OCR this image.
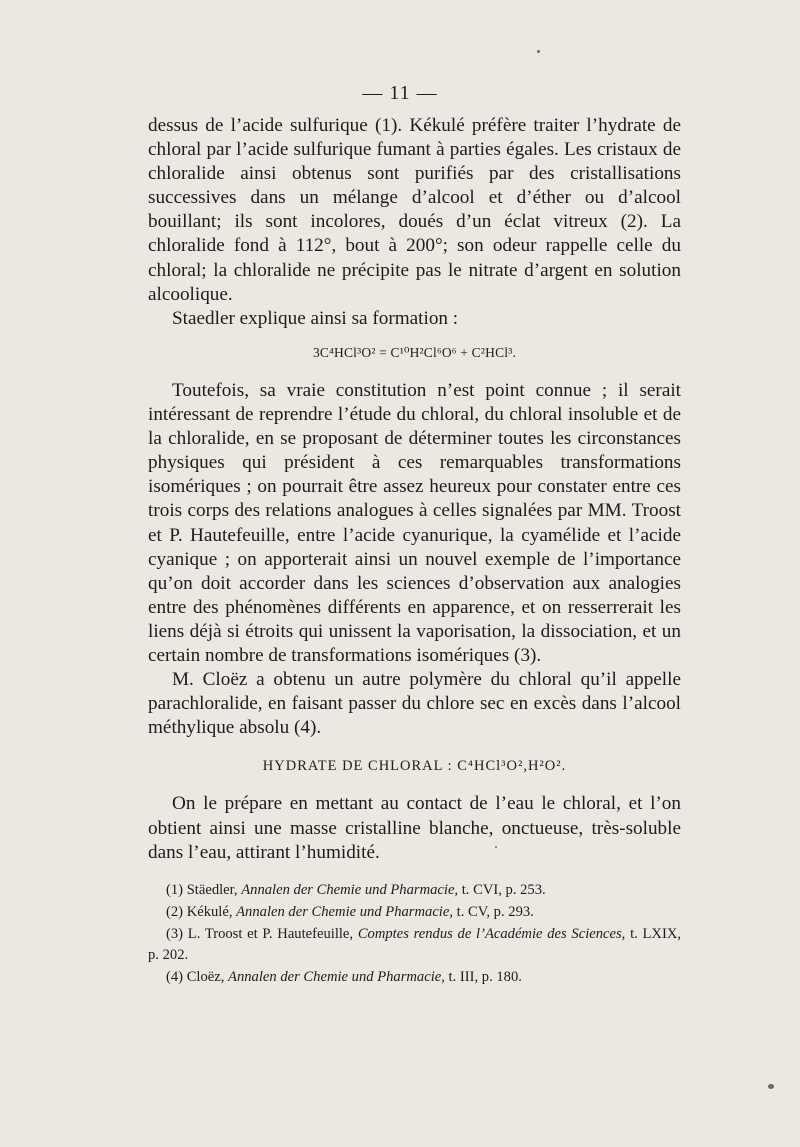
— 11 —

dessus de l’acide sulfurique (1). Kékulé préfère traiter l’hydrate de chloral par l’acide sulfurique fumant à parties égales. Les cristaux de chloralide ainsi obtenus sont purifiés par des cristallisations successives dans un mélange d’alcool et d’éther ou d’alcool bouillant; ils sont incolores, doués d’un éclat vitreux (2). La chloralide fond à 112°, bout à 200°; son odeur rappelle celle du chloral; la chloralide ne précipite pas le nitrate d’argent en solution alcoolique.

Staedler explique ainsi sa formation :

3C⁴HCl³O² = C¹⁰H²Cl⁶O⁶ + C²HCl³.

Toutefois, sa vraie constitution n’est point connue ; il serait intéressant de reprendre l’étude du chloral, du chloral insoluble et de la chloralide, en se proposant de déterminer toutes les circonstances physiques qui président à ces remarquables transformations isomériques ; on pourrait être assez heureux pour constater entre ces trois corps des relations analogues à celles signalées par MM. Troost et P. Hautefeuille, entre l’acide cyanurique, la cyamélide et l’acide cyanique ; on apporterait ainsi un nouvel exemple de l’importance qu’on doit accorder dans les sciences d’observation aux analogies entre des phénomènes différents en apparence, et on resserrerait les liens déjà si étroits qui unissent la vaporisation, la dissociation, et un certain nombre de transformations isomériques (3).

M. Cloëz a obtenu un autre polymère du chloral qu’il appelle parachloralide, en faisant passer du chlore sec en excès dans l’alcool méthylique absolu (4).

HYDRATE DE CHLORAL : C⁴HCl³O²,H²O².

On le prépare en mettant au contact de l’eau le chloral, et l’on obtient ainsi une masse cristalline blanche, onctueuse, très-soluble dans l’eau, attirant l’humidité.

(1) Stäedler, Annalen der Chemie und Pharmacie, t. CVI, p. 253.

(2) Kékulé, Annalen der Chemie und Pharmacie, t. CV, p. 293.

(3) L. Troost et P. Hautefeuille, Comptes rendus de l’Académie des Sciences, t. LXIX, p. 202.

(4) Cloëz, Annalen der Chemie und Pharmacie, t. III, p. 180.
